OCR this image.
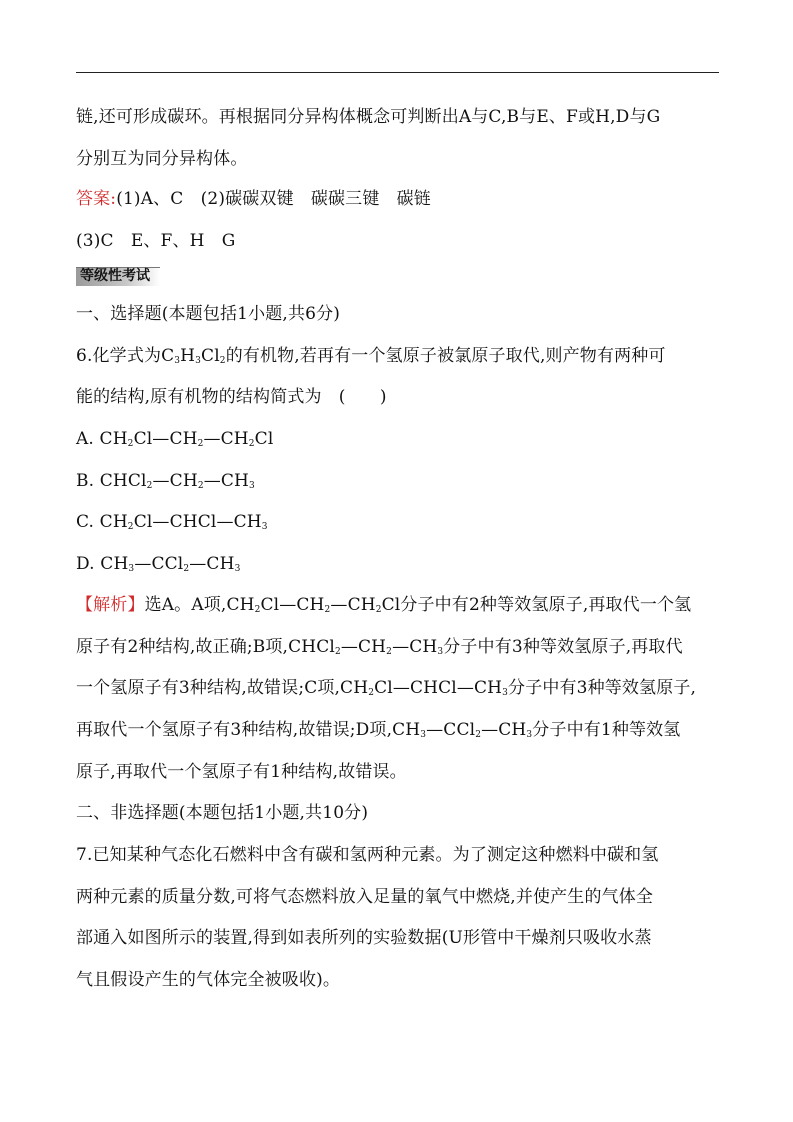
链,还可形成碳环。再根据同分异构体概念可判断出A与C,B与E、F或H,D与G
分别互为同分异构体。
答案:(1)A、C　(2)碳碳双键　碳碳三键　碳链
(3)C　E、F、H　G
等级性考试
一、选择题(本题包括1小题,共6分)
6.化学式为$C_3H_3Cl_2$的有机物,若再有一个氢原子被氯原子取代,则产物有两种可
能的结构,原有机物的结构简式为　(　　)
A. $CH_2Cl—CH_2—CH_2Cl$
B. $CHCl_2—CH_2—CH_3$
C. $CH_2Cl—CHCl—CH_3$
D. $CH_3—CCl_2—CH_3$
【解析】选A。A项$,CH_2Cl—CH_2—CH_2Cl$分子中有2种等效氢原子,再取代一个氢
原子有2种结构,故正确;B项$,CHCl_2—CH_2—CH_3$分子中有3种等效氢原子,再取代
一个氢原子有3种结构,故错误;C项$,CH_2Cl—CHCl—CH_3$分子中有3种等效氢原子,
再取代一个氢原子有3种结构,故错误;D项$,CH_3—CCl_2—CH_3$分子中有1种等效氢
原子,再取代一个氢原子有1种结构,故错误。
二、非选择题(本题包括1小题,共10分)
7.已知某种气态化石燃料中含有碳和氢两种元素。为了测定这种燃料中碳和氢
两种元素的质量分数,可将气态燃料放入足量的氧气中燃烧,并使产生的气体全
部通入如图所示的装置,得到如表所列的实验数据(U形管中干燥剂只吸收水蒸
气且假设产生的气体完全被吸收)。
